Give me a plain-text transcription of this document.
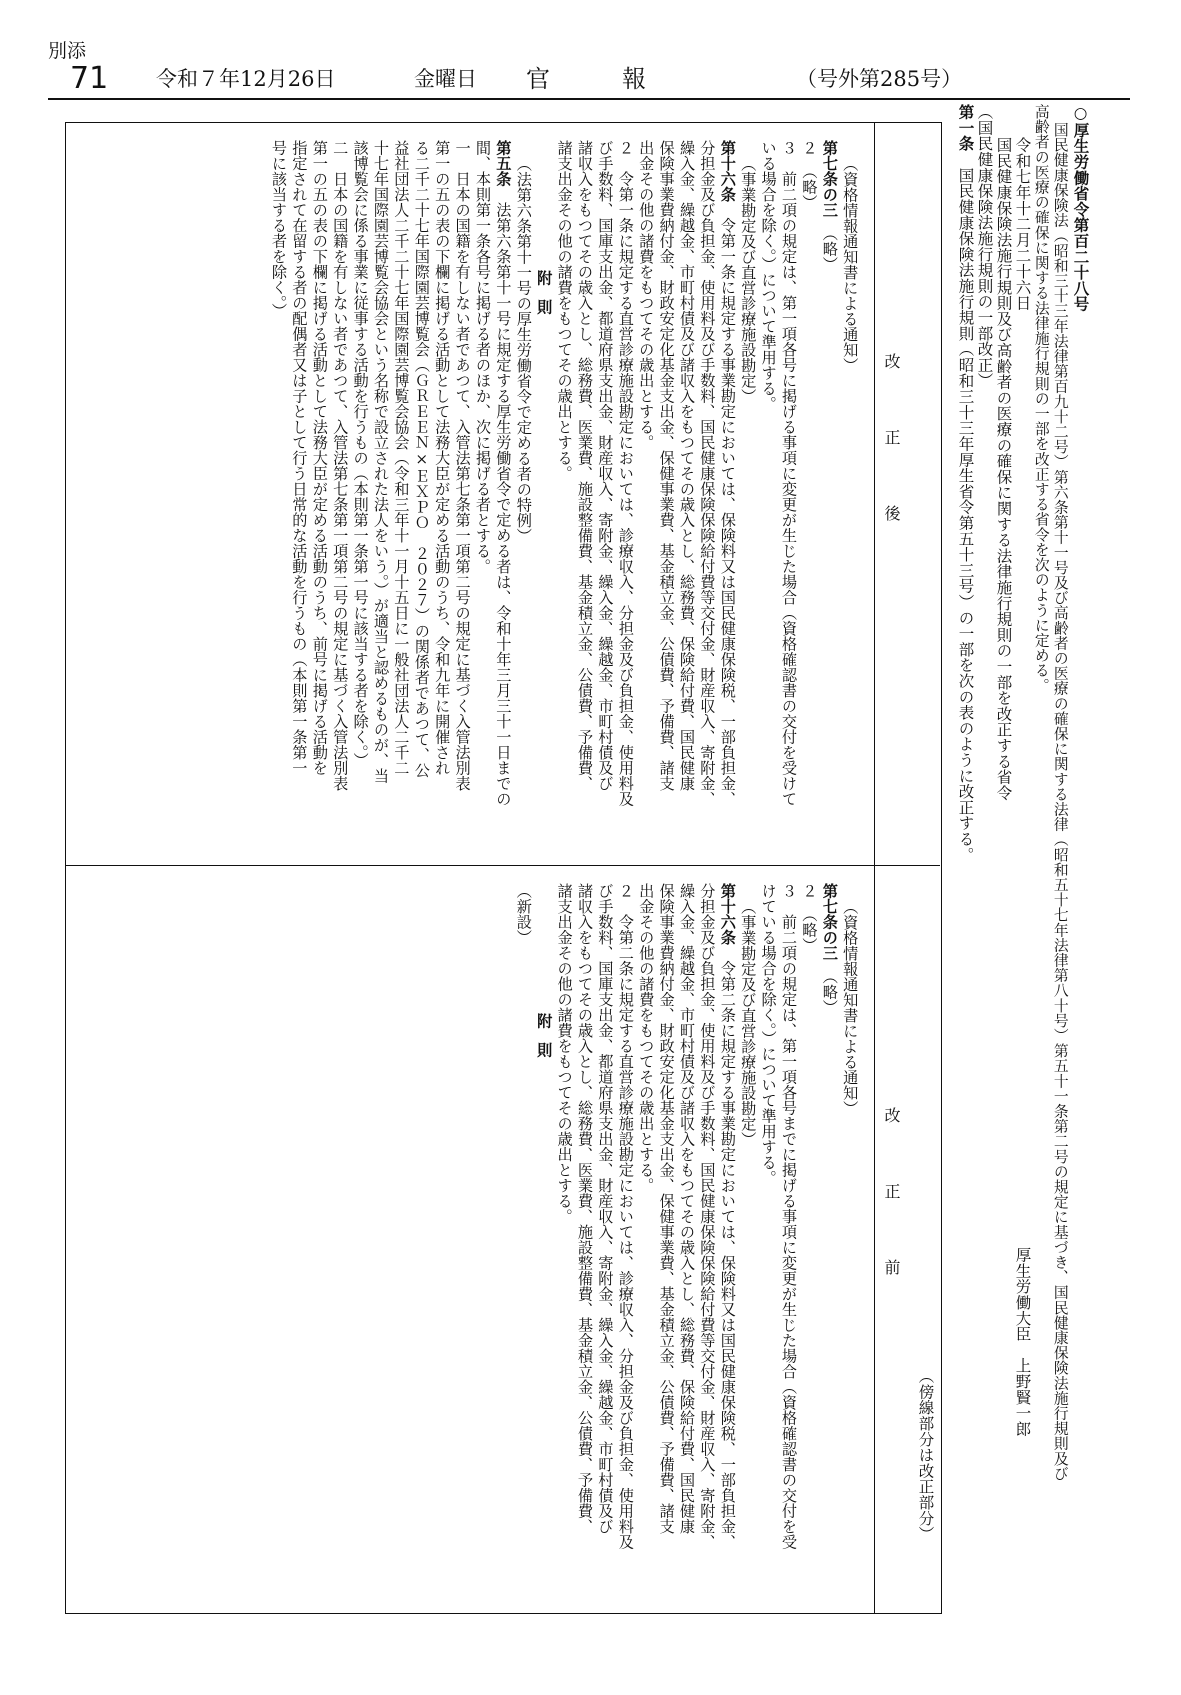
別添
71 令和７年12月26日	金曜日 官報	（号外第285号）
○厚生労働省令第百二十八号
国民健康保険法（昭和三十三年法律第百九十二号）第六条第十一号及び高齢者の医療の確保に関する法律（昭和五十七年法律第八十号）第五十一条第二号の規定に基づき、国民健康保険法施行規則及び
高齢者の医療の確保に関する法律施行規則の一部を改正する省令を次のように定める。
令和七年十二月二十六日
厚生労働大臣　上野賢一郎
国民健康保険法施行規則及び高齢者の医療の確保に関する法律施行規則の一部を改正する省令
（国民健康保険法施行規則の一部改正）
第一条　国民健康保険法施行規則（昭和三十三年厚生省令第五十三号）の一部を次の表のように改正する。
（傍線部分は改正部分）
改正後
改正前
（資格情報通知書による通知）
第七条の三　（略）
２　（略）
３　前二項の規定は、第一項各号に掲げる事項に変更が生じた場合（資格確認書の交付を受けて
いる場合を除く。）について準用する。
（事業勘定及び直営診療施設勘定）
第十六条　令第一条に規定する事業勘定においては、保険料又は国民健康保険税、一部負担金、
分担金及び負担金、使用料及び手数料、国民健康保険保険給付費等交付金、財産収入、寄附金、
繰入金、繰越金、市町村債及び諸収入をもつてその歳入とし、総務費、保険給付費、国民健康
保険事業費納付金、財政安定化基金支出金、保健事業費、基金積立金、公債費、予備費、諸支
出金その他の諸費をもつてその歳出とする。
２　令第一条に規定する直営診療施設勘定においては、診療収入、分担金及び負担金、使用料及
び手数料、国庫支出金、都道府県支出金、財産収入、寄附金、繰入金、繰越金、市町村債及び
諸収入をもつてその歳入とし、総務費、医業費、施設整備費、基金積立金、公債費、予備費、
諸支出金その他の諸費をもつてその歳出とする。
附則
（法第六条第十一号の厚生労働省令で定める者の特例）
第五条　法第六条第十一号に規定する厚生労働省令で定める者は、令和十年三月三十一日までの
間、本則第一条各号に掲げる者のほか、次に掲げる者とする。
一　日本の国籍を有しない者であつて、入管法第七条第一項第二号の規定に基づく入管法別表
第一の五の表の下欄に掲げる活動として法務大臣が定める活動のうち、令和九年に開催され
る二千二十七年国際園芸博覧会（ＧＲＥＥＮ×ＥＸＰＯ　２０２７）の関係者であつて、公
益社団法人二千二十七年国際園芸博覧会協会（令和三年十一月十五日に一般社団法人二千二
十七年国際園芸博覧会協会という名称で設立された法人をいう。）が適当と認めるものが、当
該博覧会に係る事業に従事する活動を行うもの（本則第一条第一号に該当する者を除く。）
二　日本の国籍を有しない者であつて、入管法第七条第一項第二号の規定に基づく入管法別表
第一の五の表の下欄に掲げる活動として法務大臣が定める活動のうち、前号に掲げる活動を
指定されて在留する者の配偶者又は子として行う日常的な活動を行うもの（本則第一条第一
号に該当する者を除く。）
（資格情報通知書による通知）
第七条の三　（略）
２　（略）
３　前二項の規定は、第一項各号までに掲げる事項に変更が生じた場合（資格確認書の交付を受
けている場合を除く。）について準用する。
（事業勘定及び直営診療施設勘定）
第十六条　令第二条に規定する事業勘定においては、保険料又は国民健康保険税、一部負担金、
分担金及び負担金、使用料及び手数料、国民健康保険保険給付費等交付金、財産収入、寄附金、
繰入金、繰越金、市町村債及び諸収入をもつてその歳入とし、総務費、保険給付費、国民健康
保険事業費納付金、財政安定化基金支出金、保健事業費、基金積立金、公債費、予備費、諸支
出金その他の諸費をもつてその歳出とする。
２　令第二条に規定する直営診療施設勘定においては、診療収入、分担金及び負担金、使用料及
び手数料、国庫支出金、都道府県支出金、財産収入、寄附金、繰入金、繰越金、市町村債及び
諸収入をもつてその歳入とし、総務費、医業費、施設整備費、基金積立金、公債費、予備費、
諸支出金その他の諸費をもつてその歳出とする。
附則
（新設）
